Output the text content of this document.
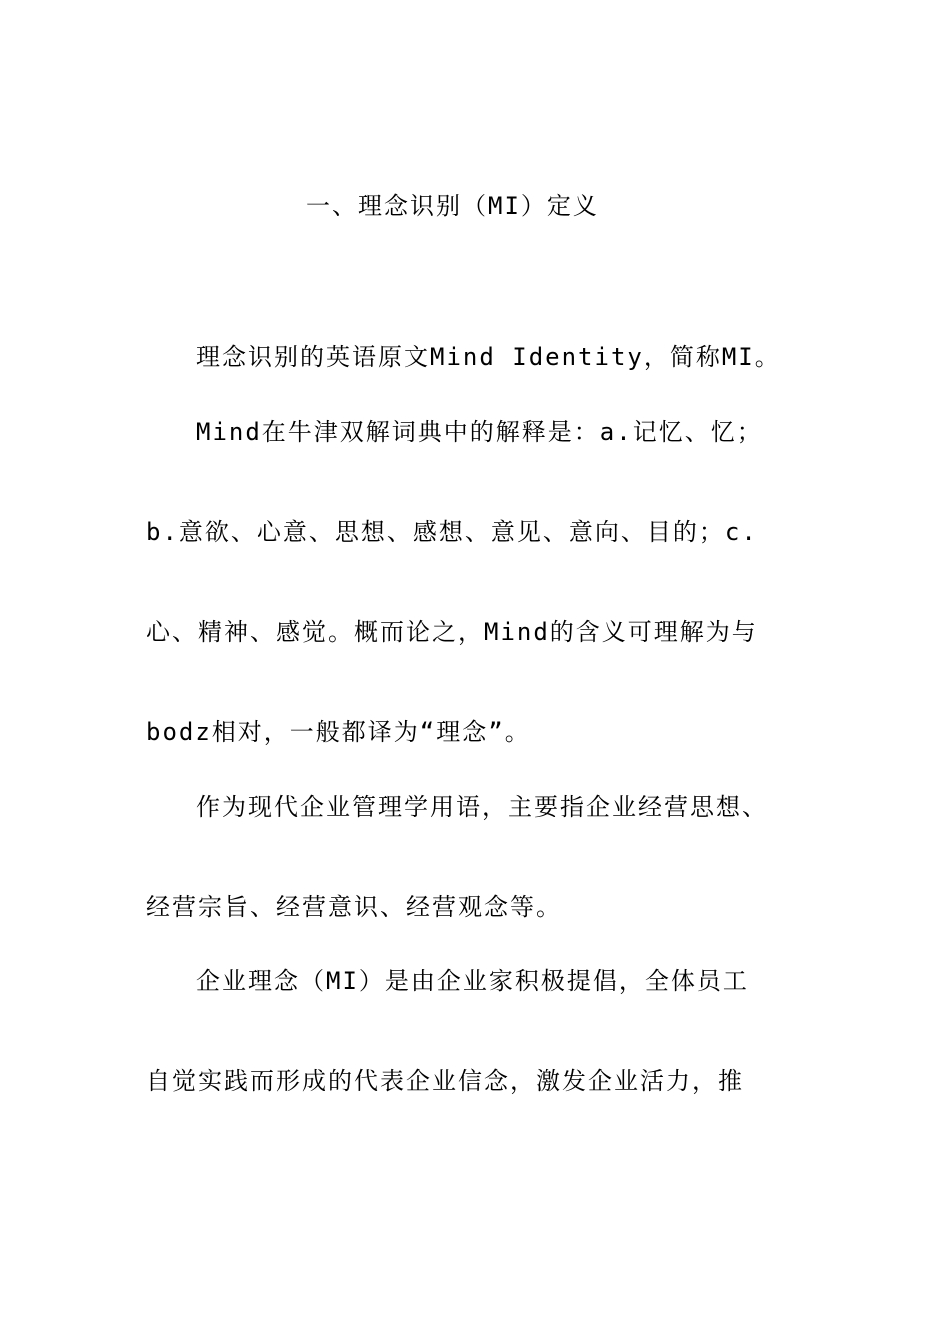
一、理念识别（MI）定义
理念识别的英语原文Mind Identity，简称MI。
Mind在牛津双解词典中的解释是：a.记忆、忆；
b.意欲、心意、思想、感想、意见、意向、目的；c.
心、精神、感觉。概而论之，Mind的含义可理解为与
bodz相对，一般都译为“理念”。
作为现代企业管理学用语，主要指企业经营思想、
经营宗旨、经营意识、经营观念等。
企业理念（MI）是由企业家积极提倡，全体员工
自觉实践而形成的代表企业信念，激发企业活力，推
